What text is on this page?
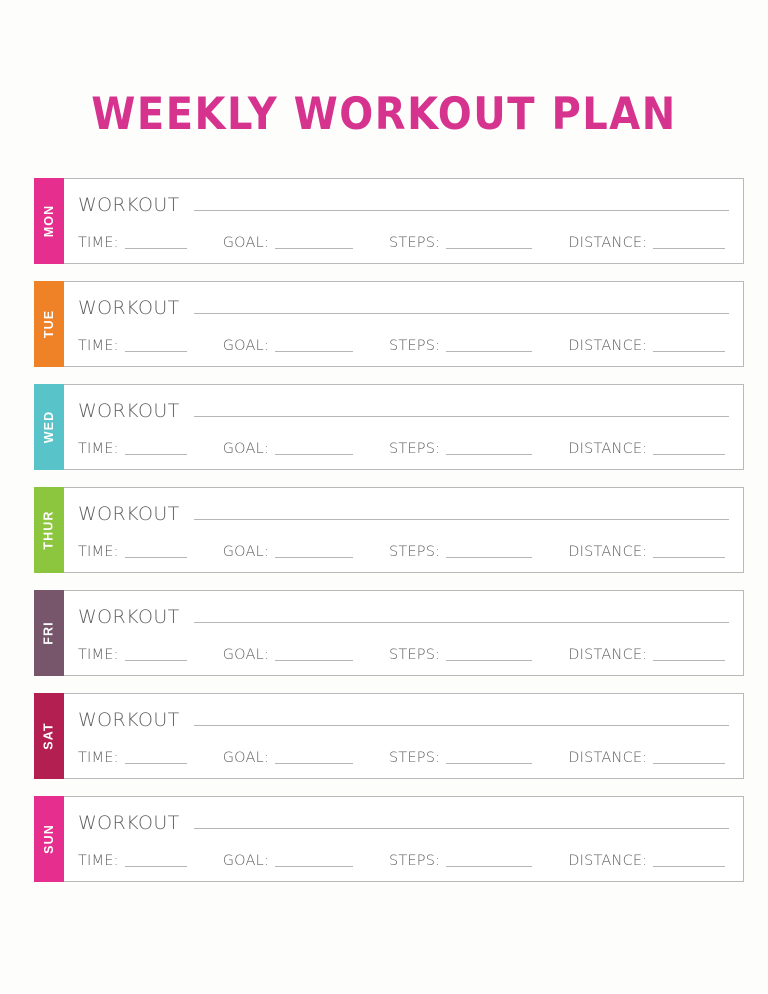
WEEKLY WORKOUT PLAN
MON WORKOUT
TIME:	GOAL:	STEPS:	DISTANCE:
TUE
WORKOUT
TIME:	GOAL:	STEPS:	DISTANCE:
WED WORKOUT
TIME:	GOAL:	STEPS:	DISTANCE:
THUR WORKOUT
TIME:	GOAL:	STEPS:	DISTANCE:
FRI
WORKOUT
TIME:	GOAL:	STEPS:	DISTANCE:
SAT
WORKOUT
TIME:	GOAL:	STEPS:	DISTANCE:
SUN
WORKOUT
TIME:	GOAL:	STEPS:	DISTANCE:
